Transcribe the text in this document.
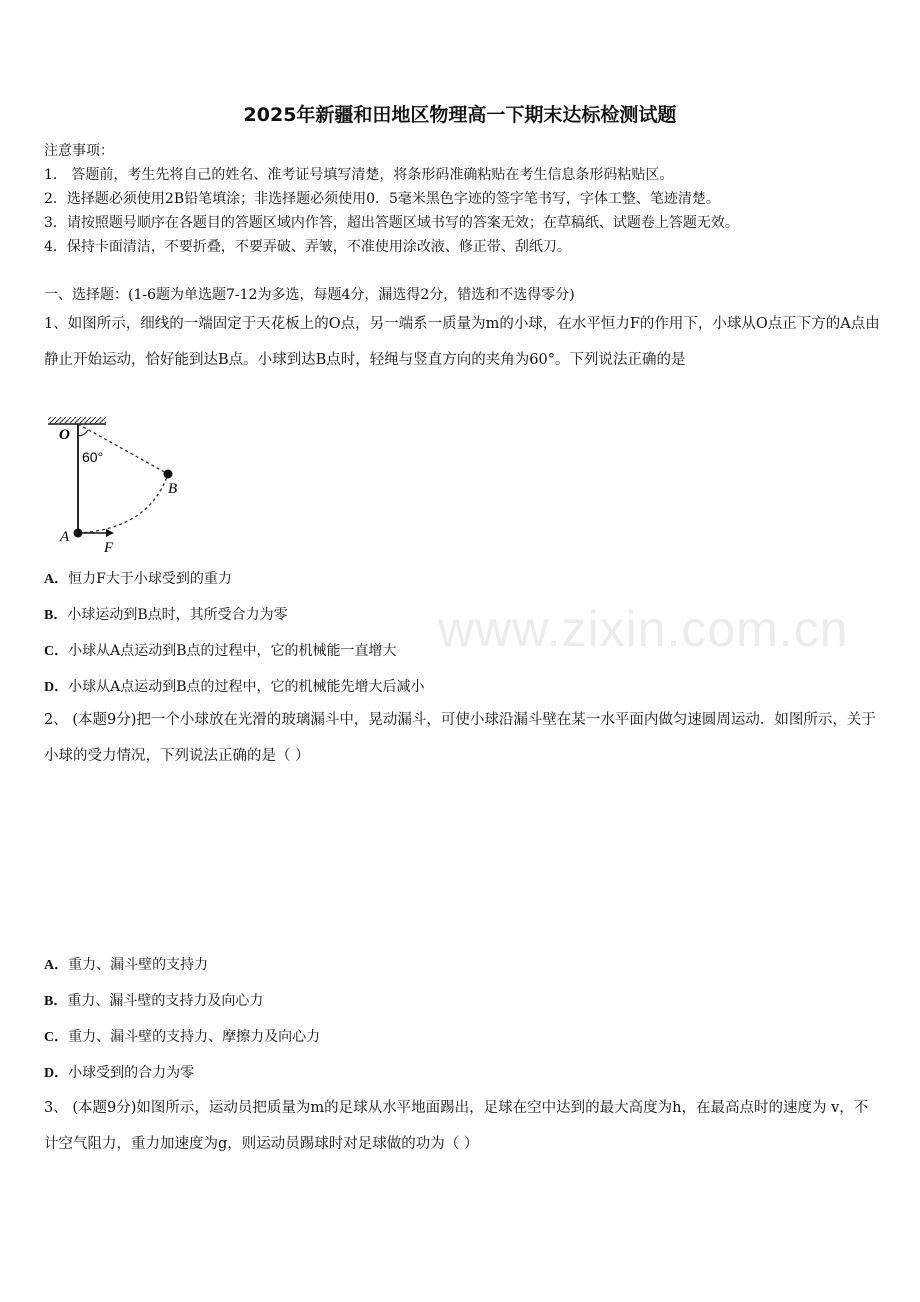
www.zixin.com.cn
2025年新疆和田地区物理高一下期末达标检测试题
注意事项：
1． 答题前，考生先将自己的姓名、准考证号填写清楚，将条形码准确粘贴在考生信息条形码粘贴区。
2．选择题必须使用2B铅笔填涂；非选择题必须使用0．5毫米黑色字迹的签字笔书写，字体工整、笔迹清楚。
3．请按照题号顺序在各题目的答题区域内作答，超出答题区域书写的答案无效；在草稿纸、试题卷上答题无效。
4．保持卡面清洁，不要折叠，不要弄破、弄皱，不准使用涂改液、修正带、刮纸刀。
一、选择题：(1-6题为单选题7-12为多选，每题4分，漏选得2分，错选和不选得零分)
1、如图所示，细线的一端固定于天花板上的O点，另一端系一质量为m的小球，在水平恒力F的作用下，小球从O点正下方的A点由静止开始运动，恰好能到达B点。小球到达B点时，轻绳与竖直方向的夹角为60°。下列说法正确的是
O
60°
B
A
F
A．恒力F大于小球受到的重力
B．小球运动到B点时，其所受合力为零
C．小球从A点运动到B点的过程中，它的机械能一直增大
D．小球从A点运动到B点的过程中，它的机械能先增大后减小
2、 (本题9分)把一个小球放在光滑的玻璃漏斗中，晃动漏斗，可使小球沿漏斗壁在某一水平面内做匀速圆周运动．如图所示，关于小球的受力情况，下列说法正确的是（ ）
A．重力、漏斗壁的支持力
B．重力、漏斗壁的支持力及向心力
C．重力、漏斗壁的支持力、摩擦力及向心力
D．小球受到的合力为零
3、 (本题9分)如图所示，运动员把质量为m的足球从水平地面踢出，足球在空中达到的最大高度为h，在最高点时的速度为 v，不计空气阻力，重力加速度为g，则运动员踢球时对足球做的功为（ ）
